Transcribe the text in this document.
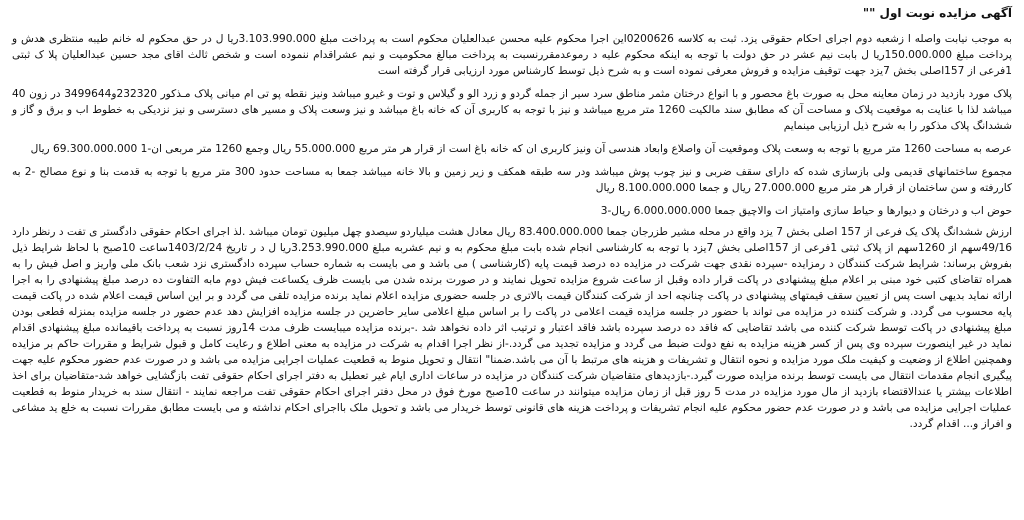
آگهی مزایده نوبت اول ""

به موجب نیابت واصله ا زشعبه دوم اجرای احکام حقوقی یزد. ثبت به کلاسه 0200626این اجرا محکوم علیه محسن عبدالعلیان محکوم است به پرداخت مبلغ 3.103.990.000ریا ل در حق محکوم له خانم طیبه منتظری هدش و پرداخت مبلغ 150.000.000ریا ل بابت نیم عشر در حق دولت با توجه به اینکه محکوم علیه د رموعدمقررنسبت به پرداخت مبالغ محکومیت و نیم عشراقدام ننموده است و شخص ثالث اقای مجد حسین عبدالعلیان پلا ک ثبتی 1فرعی از 157اصلی بخش 7یزد جهت توقیف مزایده و فروش معرفی نموده است و به شرح ذیل توسط کارشناس مورد ارزیابی قرار گرفته است

پلاک مورد بازدید در زمان معاینه محل به صورت باغ محصور و با انواع درختان مثمر مناطق سرد سیر از جمله گردو و زرد الو و گیلاس و توت و غیرو میباشد ونیز نقطه پو تی ام میانی پلاک مـذکور 232320و3499644 در زون 40 میباشد لذا با عنایت به موقعیت پلاک و مساحت آن که مطابق سند مالکیت 1260 متر مربع میباشد و نیز با توجه به کاربری آن که خانه باغ میباشد و نیز وسعت پلاک و مسیر های دسترسی و نیز نزدیکی به خطوط اب و برق و گاز و ششدانگ پلاک مذکور را به شرح ذیل ارزیابی مینمایم

عرصه به مساحت 1260 متر مربع با توجه به وسعت پلاک وموقعیت آن واصلاع وابعاد هندسی آن ونیز کاربری ان که خانه باغ است از قرار هر متر مربع 55.000.000 ریال وجمع 1260 متر مربعی ان-1 69.300.000.000 ریال

مجموع ساختمانهای قدیمی ولی بازسازی شده که دارای سقف ضربی و نیز چوب پوش میباشد ودر سه طبقه همکف و زیر زمین و بالا خانه میباشد جمعا به مساحت حدود 300 متر مربع با توجه به قدمت بنا و نوع مصالح -2 به کاررفته و سن ساختمان از قرار هر متر مربع 27.000.000 ریال و جمعا 8.100.000.000 ریال

حوض اب و درختان و دیوارها و حیاط سازی وامتیاز ات والاچیق جمعا 6.000.000.000 ریال-3

ارزش ششدانگ پلاک یک فرعی از 157 اصلی بخش 7 یزد واقع در محله مشیر طزرجان جمعا 83.400.000.000 ریال معادل هشت میلیاردو سیصدو چهل میلیون تومان میباشد .لذ اجرای احکام حقوقی دادگستر ی تفت د رنظر دارد 49/16سهم از 1260سهم از پلاک ثبتی 1فرعی از 157اصلی بخش 7یزد با توجه به کارشناسی انجام شده بابت مبلغ محکوم به و نیم عشربه مبلغ 3.253.990.000ریا ل د ر تاریخ 1403/2/24ساعت 10صبح با لحاظ شرایط ذیل بفروش برساند: شرایط شرکت کنندگان د رمزایده -سپرده نقدی جهت شرکت در مزایده ده درصد قیمت پایه (کارشناسی ) می باشد و می بایست به شماره حساب سپرده دادگستری نزد شعب بانک ملی واریز و اصل فیش را به همراه تقاضای کتبی خود مبنی بر اعلام مبلغ پیشنهادی در پاکت قرار داده وقبل از ساعت شروع مزایده تحویل نمایند و در صورت برنده شدن می بایست ظرف یکساعت فیش دوم مابه التفاوت ده درصد مبلغ پیشنهادی را به اجرا ارائه نماید بدیهی است پس از تعیین سقف قیمتهای پیشنهادی در پاکت چنانچه احد از شرکت کنندگان قیمت بالاتری در جلسه حضوری مزایده اعلام نماید برنده مزایده تلقی می گردد و بر این اساس قیمت اعلام شده در پاکت قیمت پایه محسوب می گردد. و شرکت کننده در مزایده می تواند با حضور در جلسه مزایده قیمت اعلامی در پاکت را بر اساس مبلغ اعلامی سایر حاضرین در جلسه مزایده افزایش دهد عدم حضور در جلسه مزایده بمنزله قطعی بودن مبلغ پیشنهادی در پاکت توسط شرکت کننده می باشد تقاضایی که فاقد ده درصد سپرده باشد فاقد اعتبار و ترتیب اثر داده نخواهد شد .-برنده مزایده میبایست ظرف مدت 14روز نسبت به پرداخت باقیمانده مبلغ پیشنهادی اقدام نماید در غیر اینصورت سپرده وی پس از کسر هزینه مزایده به نفع دولت ضبط می گردد و مزایده تجدید می گردد.-از نظر اجرا اقدام به شرکت در مزایده به معنی اطلاع و رعایت کامل و قبول شرایط و مقررات حاکم بر مزایده وهمچنین اطلاع از وضعیت و کیفیت ملک مورد مزایده و نحوه انتقال و تشریفات و هزینه های مرتبط با آن می باشد.ضمنا" انتقال و تحویل منوط به قطعیت عملیات اجرایی مزایده می باشد و در صورت عدم حضور محکوم علیه جهت پیگیری انجام مقدمات انتقال می بایست توسط برنده مزایده صورت گیرد.-بازدیدهای متقاضیان شرکت کنندگان در مزایده در ساعات اداری ایام غیر تعطیل به دفتر اجرای احکام حقوقی تفت بازگشایی خواهد شد-متقاضیان برای اخذ اطلاعات بیشتر یا عندالاقتضاء بازدید از مال مورد مزایده در مدت 5 روز قبل از زمان مزایده میتوانند در ساعت 10صبح مورخ فوق در محل دفتر اجرای احکام حقوقی تفت مراجعه نمایند - انتقال سند به خریدار منوط به قطعیت عملیات اجرایی مزایده می باشد و در صورت عدم حضور محکوم علیه انجام تشریفات و پرداخت هزینه های قانونی توسط خریدار می باشد و تحویل ملک بااجرای احکام نداشته و می بایست مطابق مقررات نسبت به خلع ید مشاعی و افراز و... اقدام گردد.
